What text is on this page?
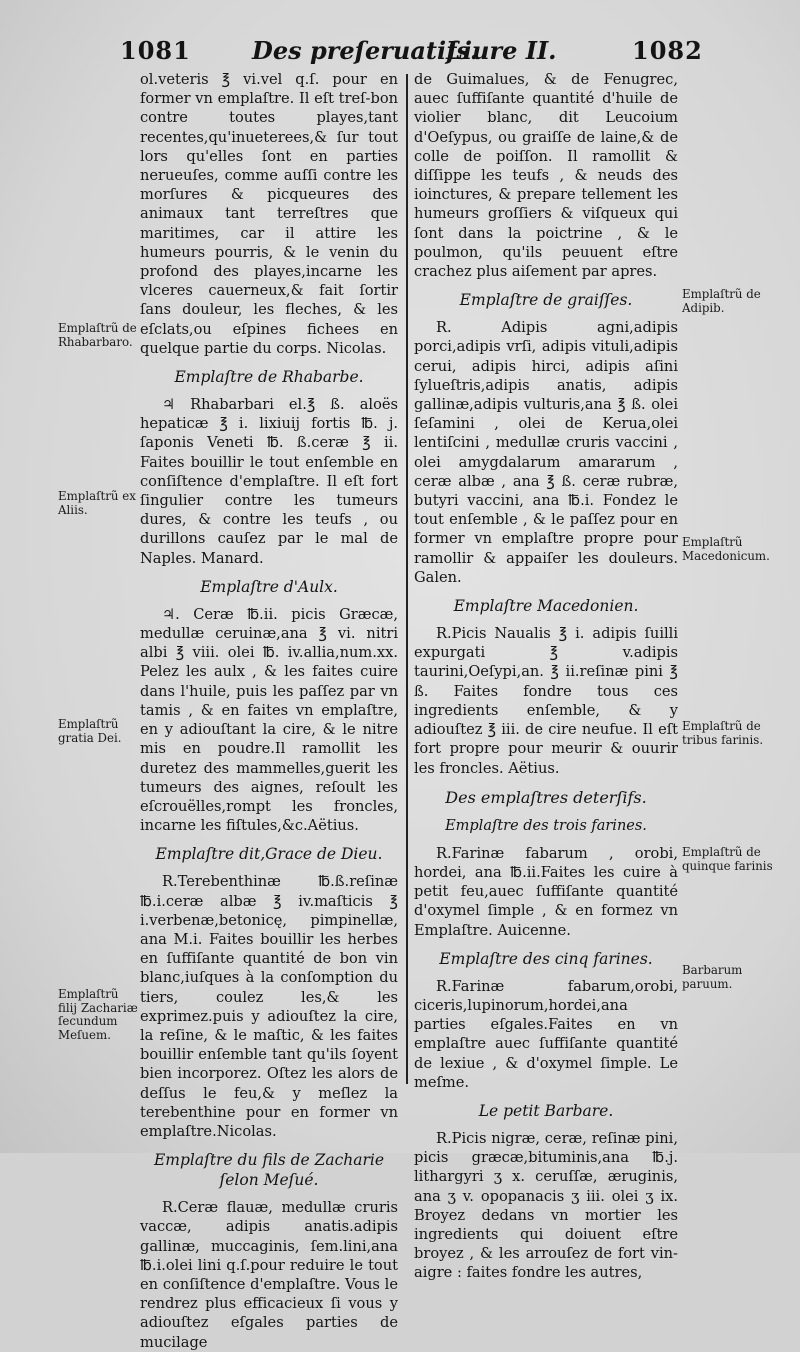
1081	Des preſeruatifs.
Liure II.	1082

ol.veteris ℥ vi.vel q.ſ. pour en former vn emplaſtre. Il eſt treſ-bon contre toutes playes,tant recentes,qu'inueterees,& ſur tout lors qu'elles ſont en parties nerueuſes, comme auſſi contre les morſures & picqueures des animaux tant terreſtres que maritimes, car il attire les humeurs pourris, & le venin du profond des playes,incarne les vlceres cauerneux,& fait ſortir ſans douleur, les fleches, & les eſclats,ou eſpines fichees en quelque partie du corps. Nicolas.

Emplaſtre de Rhabarbe.

♃ Rhabarbari el.℥ ß. aloës hepaticæ ℥ i. lixiuij fortis ℔. j. ſaponis Veneti ℔. ß.ceræ ℥ ii. Faites bouillir le tout enſemble en conſiſtence d'emplaſtre. Il eſt fort ſingulier contre les tumeurs dures, & contre les teufs , ou durillons cauſez par le mal de Naples. Manard.

Emplaſtre d'Aulx.

♃. Ceræ ℔.ii. picis Græcæ, medullæ ceruinæ,ana ℥ vi. nitri albi ℥ viii. olei ℔. iv.allia,num.xx. Pelez les aulx , & les faites cuire dans l'huile, puis les paſſez par vn tamis , & en faites vn emplaſtre, en y adiouſtant la cire, & le nitre mis en poudre.Il ramollit les duretez des mammelles,guerit les tumeurs des aignes, reſoult les eſcrouëlles,rompt les froncles, incarne les fiſtules,&c.Aëtius.

Emplaſtre dit,Grace de Dieu.

R.Terebenthinæ ℔.ß.reſinæ ℔.i.ceræ albæ ℥ iv.maſticis ℥ i.verbenæ,betonicę, pimpinellæ, ana M.i. Faites bouillir les herbes en ſuffiſante quantité de bon vin blanc,iuſques à la conſomption du tiers, coulez les,& les exprimez.puis y adiouſtez la cire, la reſine, & le maſtic, & les faites bouillir enſemble tant qu'ils ſoyent bien incorporez. Oſtez les alors de deſſus le feu,& y meſlez la terebenthine pour en former vn emplaſtre.Nicolas.

Emplaſtre du fils de Zacharie ſelon Meſué.

R.Ceræ flauæ, medullæ cruris vaccæ, adipis anatis.adipis gallinæ, muccaginis, ſem.lini,ana ℔.i.olei lini q.ſ.pour reduire le tout en conſiſtence d'emplaſtre. Vous le rendrez plus efficacieux ſi vous y adiouſtez eſgales parties de mucilage

de Guimalues, & de Fenugrec, auec ſuffiſante quantité d'huile de violier blanc, dit Leucoium d'Oeſypus, ou graiſſe de laine,& de colle de poiſſon. Il ramollit & diſſippe les teufs , & neuds des ioinctures, & prepare tellement les humeurs groſſiers & viſqueux qui ſont dans la poictrine , & le poulmon, qu'ils peuuent eſtre crachez plus aiſement par apres.

Emplaſtre de graiſſes.

R. Adipis agni,adipis porci,adipis vrſi, adipis vituli,adipis cerui, adipis hirci, adipis aſini ſylueſtris,adipis anatis, adipis gallinæ,adipis vulturis,ana ℥ ß. olei ſeſamini , olei de Kerua,olei lentiſcini , medullæ cruris vaccini , olei amygdalarum amararum , ceræ albæ , ana ℥ ß. ceræ rubræ, butyri vaccini, ana ℔.i. Fondez le tout enſemble , & le paſſez pour en former vn emplaſtre propre pour ramollir & appaiſer les douleurs. Galen.

Emplaſtre Macedonien.

R.Picis Naualis ℥ i. adipis ſuilli expurgati ℥ v.adipis taurini,Oeſypi,an. ℥ ii.reſinæ pini ℥ ß. Faites fondre tous ces ingredients enſemble, & y adiouſtez ℥ iii. de cire neufue. Il eſt fort propre pour meurir & ouurir les froncles. Aëtius.

Des emplaſtres deterſifs.
Emplaſtre des trois farines.

R.Farinæ fabarum , orobi, hordei, ana ℔.ii.Faites les cuire à petit feu,auec ſuffiſante quantité d'oxymel ſimple , & en formez vn Emplaſtre. Auicenne.

Emplaſtre des cinq farines.

R.Farinæ fabarum,orobi, ciceris,lupinorum,hordei,ana parties eſgales.Faites en vn emplaſtre auec ſuffiſante quantité de lexiue , & d'oxymel ſimple. Le meſme.

Le petit Barbare.

R.Picis nigræ, ceræ, reſinæ pini, picis græcæ,bituminis,ana ℔.j. lithargyri ʒ x. ceruſſæ, æruginis, ana ʒ v. opopanacis ʒ iii. olei ʒ ix. Broyez dedans vn mortier les ingredients qui doiuent eſtre broyez , & les arrouſez de fort vin-aigre : faites fondre les autres,

Emplaſtrũ de Rhabarbaro.
Emplaſtrũ ex Aliis.
Emplaſtrũ gratia Dei.
Emplaſtrũ filij Zachariæ ſecundum Meſuem.
Emplaſtrũ de Adipib.
Emplaſtrũ Macedonicum.
Emplaſtrũ de tribus farinis.
Emplaſtrũ de quinque farinis
Barbarum paruum.
